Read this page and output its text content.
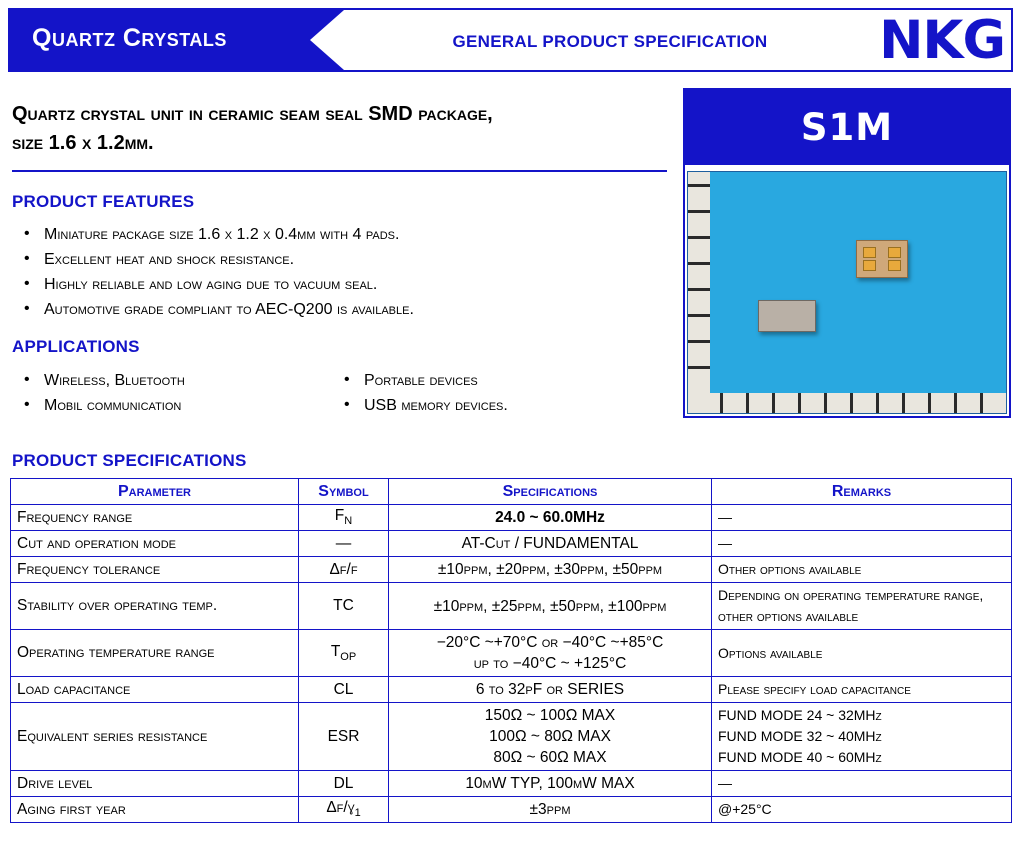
Quartz Crystals	GENERAL PRODUCT SPECIFICATION	NKG
Quartz crystal unit in ceramic seam seal SMD package,
size 1.6 x 1.2mm.
PRODUCT FEATURES
• Miniature package size 1.6 x 1.2 x 0.4mm with 4 pads.
• Excellent heat and shock resistance.
• Highly reliable and low aging due to vacuum seal.
• Automotive grade compliant to AEC-Q200 is available.
APPLICATIONS
• Wireless, Bluetooth
• Mobil communication
• Portable devices
• USB memory devices.
S1M
PRODUCT SPECIFICATIONS
Parameter	Symbol	Specifications	Remarks
Frequency range	$F_N$	24.0 ~ 60.0MHz	—
Cut and operation mode	—	AT-Cut / FUNDAMENTAL	—
Frequency tolerance	Δf/f	±10ppm, ±20ppm, ±30ppm, ±50ppm	Other options available
Stability over operating temp.	TC	±10ppm, ±25ppm, ±50ppm, ±100ppm	Depending on operating temperature range, other options available
Operating temperature range	$T_{OP}$	−20°C ~+70°C or −40°C ~+85°C
up to −40°C ~ +125°C	Options available
Load capacitance	CL	6 to 32pF or SERIES	Please specify load capacitance
Equivalent series resistance	ESR	150Ω ~ 100Ω MAX
100Ω ~ 80Ω MAX
80Ω ~ 60Ω MAX	FUND MODE 24 ~ 32MHz
FUND MODE 32 ~ 40MHz
FUND MODE 40 ~ 60MHz
Drive level	DL	10µW TYP, 100µW MAX	—
Aging first year	Δf/ɣ$_1$	±3ppm	@+25°C
